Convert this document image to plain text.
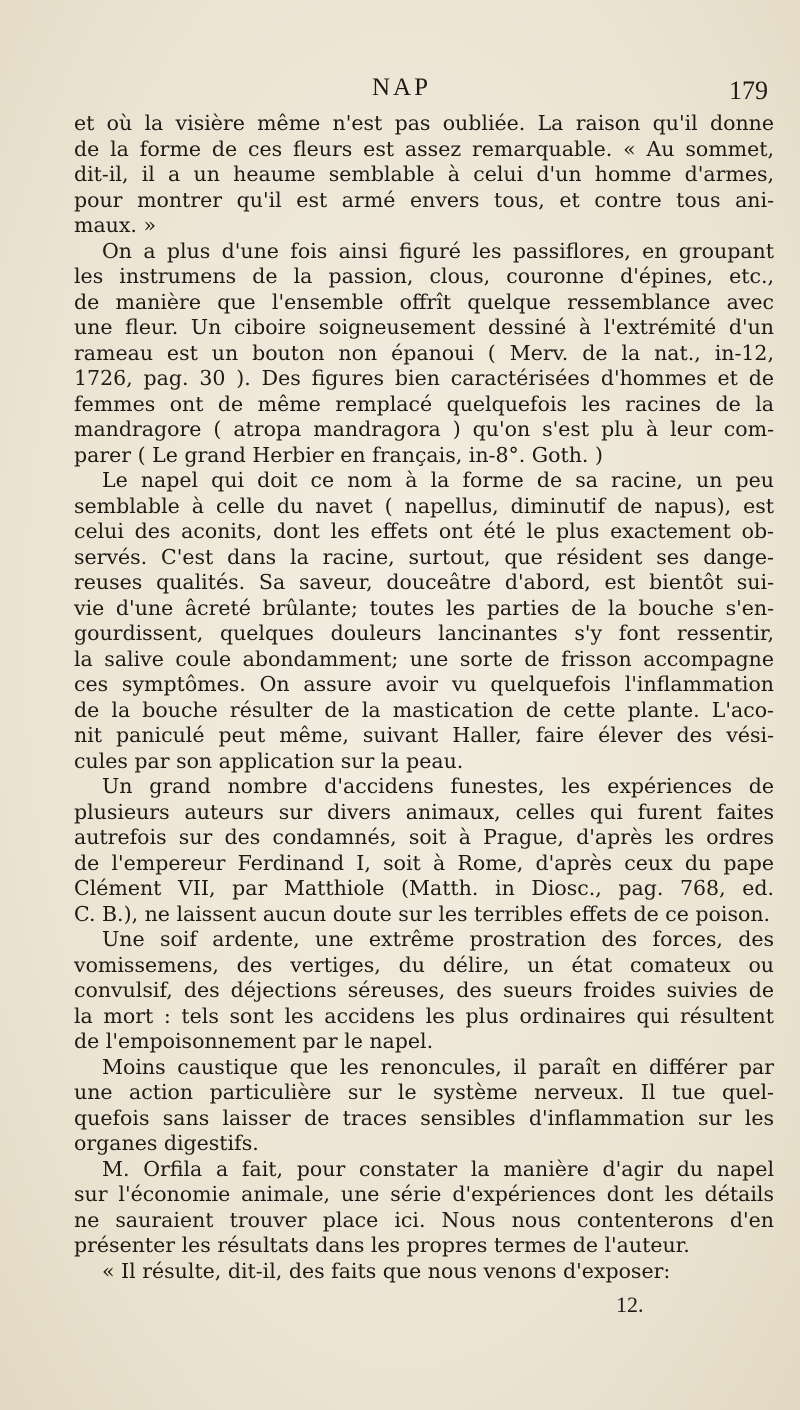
NAP	179
et où la visière même n'est pas oubliée. La raison qu'il donne
de la forme de ces fleurs est assez remarquable. « Au sommet,
dit-il, il a un heaume semblable à celui d'un homme d'armes,
pour montrer qu'il est armé envers tous, et contre tous ani-
maux. »
On a plus d'une fois ainsi figuré les passiflores, en groupant
les instrumens de la passion, clous, couronne d'épines, etc.,
de manière que l'ensemble offrît quelque ressemblance avec
une fleur. Un ciboire soigneusement dessiné à l'extrémité d'un
rameau est un bouton non épanoui ( Merv. de la nat., in-12,
1726, pag. 30 ). Des figures bien caractérisées d'hommes et de
femmes ont de même remplacé quelquefois les racines de la
mandragore ( atropa mandragora ) qu'on s'est plu à leur com-
parer ( Le grand Herbier en français, in-8°. Goth. )
Le napel qui doit ce nom à la forme de sa racine, un peu
semblable à celle du navet ( napellus, diminutif de napus), est
celui des aconits, dont les effets ont été le plus exactement ob-
servés. C'est dans la racine, surtout, que résident ses dange-
reuses qualités. Sa saveur, douceâtre d'abord, est bientôt sui-
vie d'une âcreté brûlante; toutes les parties de la bouche s'en-
gourdissent, quelques douleurs lancinantes s'y font ressentir,
la salive coule abondamment; une sorte de frisson accompagne
ces symptômes. On assure avoir vu quelquefois l'inflammation
de la bouche résulter de la mastication de cette plante. L'aco-
nit paniculé peut même, suivant Haller, faire élever des vési-
cules par son application sur la peau.
Un grand nombre d'accidens funestes, les expériences de
plusieurs auteurs sur divers animaux, celles qui furent faites
autrefois sur des condamnés, soit à Prague, d'après les ordres
de l'empereur Ferdinand I, soit à Rome, d'après ceux du pape
Clément VII, par Matthiole (Matth. in Diosc., pag. 768, ed.
C. B.), ne laissent aucun doute sur les terribles effets de ce poison.
Une soif ardente, une extrême prostration des forces, des
vomissemens, des vertiges, du délire, un état comateux ou
convulsif, des déjections séreuses, des sueurs froides suivies de
la mort : tels sont les accidens les plus ordinaires qui résultent
de l'empoisonnement par le napel.
Moins caustique que les renoncules, il paraît en différer par
une action particulière sur le système nerveux. Il tue quel-
quefois sans laisser de traces sensibles d'inflammation sur les
organes digestifs.
M. Orfila a fait, pour constater la manière d'agir du napel
sur l'économie animale, une série d'expériences dont les détails
ne sauraient trouver place ici. Nous nous contenterons d'en
présenter les résultats dans les propres termes de l'auteur.
« Il résulte, dit-il, des faits que nous venons d'exposer:
12.
